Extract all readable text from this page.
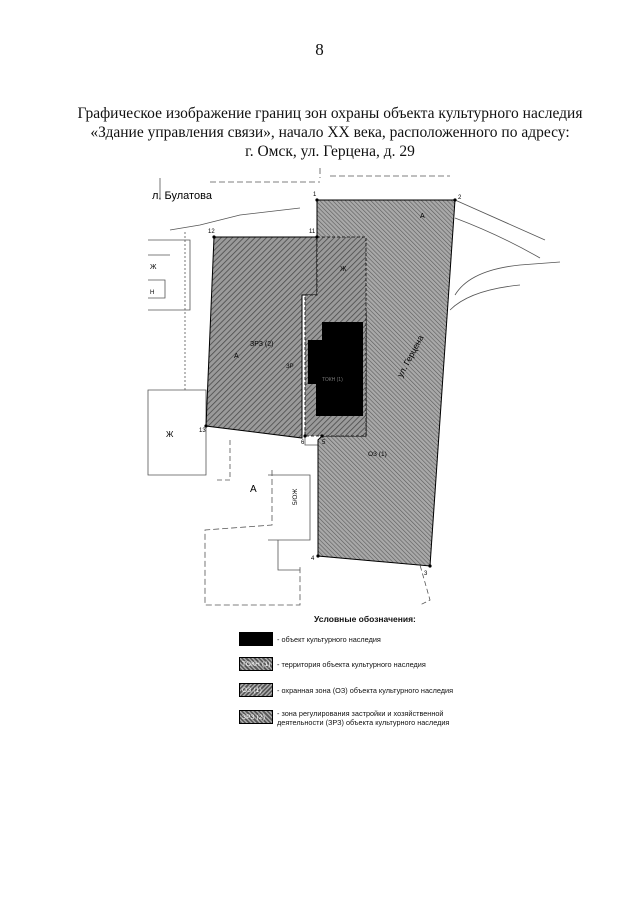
8
Графическое изображение границ зон охраны объекта культурного наследия
«Здание управления связи», начало XX века, расположенного по адресу:
г. Омск, ул. Герцена, д. 29
1	2
3
4
5
6
11
12
13
л. Булатова
ул. Герцена
ЗРЗ (2)
А
ЗР
ОЗ (1)
ТОКН (1)
А
Ж
Ж
Н
Ж
А	5/ОЖ
Условные обозначения:
- объект культурного наследия
ТОКН (1) - территория объекта культурного наследия
ОЗ (1) - охранная зона (ОЗ) объекта культурного наследия
ЗРЗ (2) - зона регулирования застройки и хозяйственной
деятельности (ЗРЗ) объекта культурного наследия
